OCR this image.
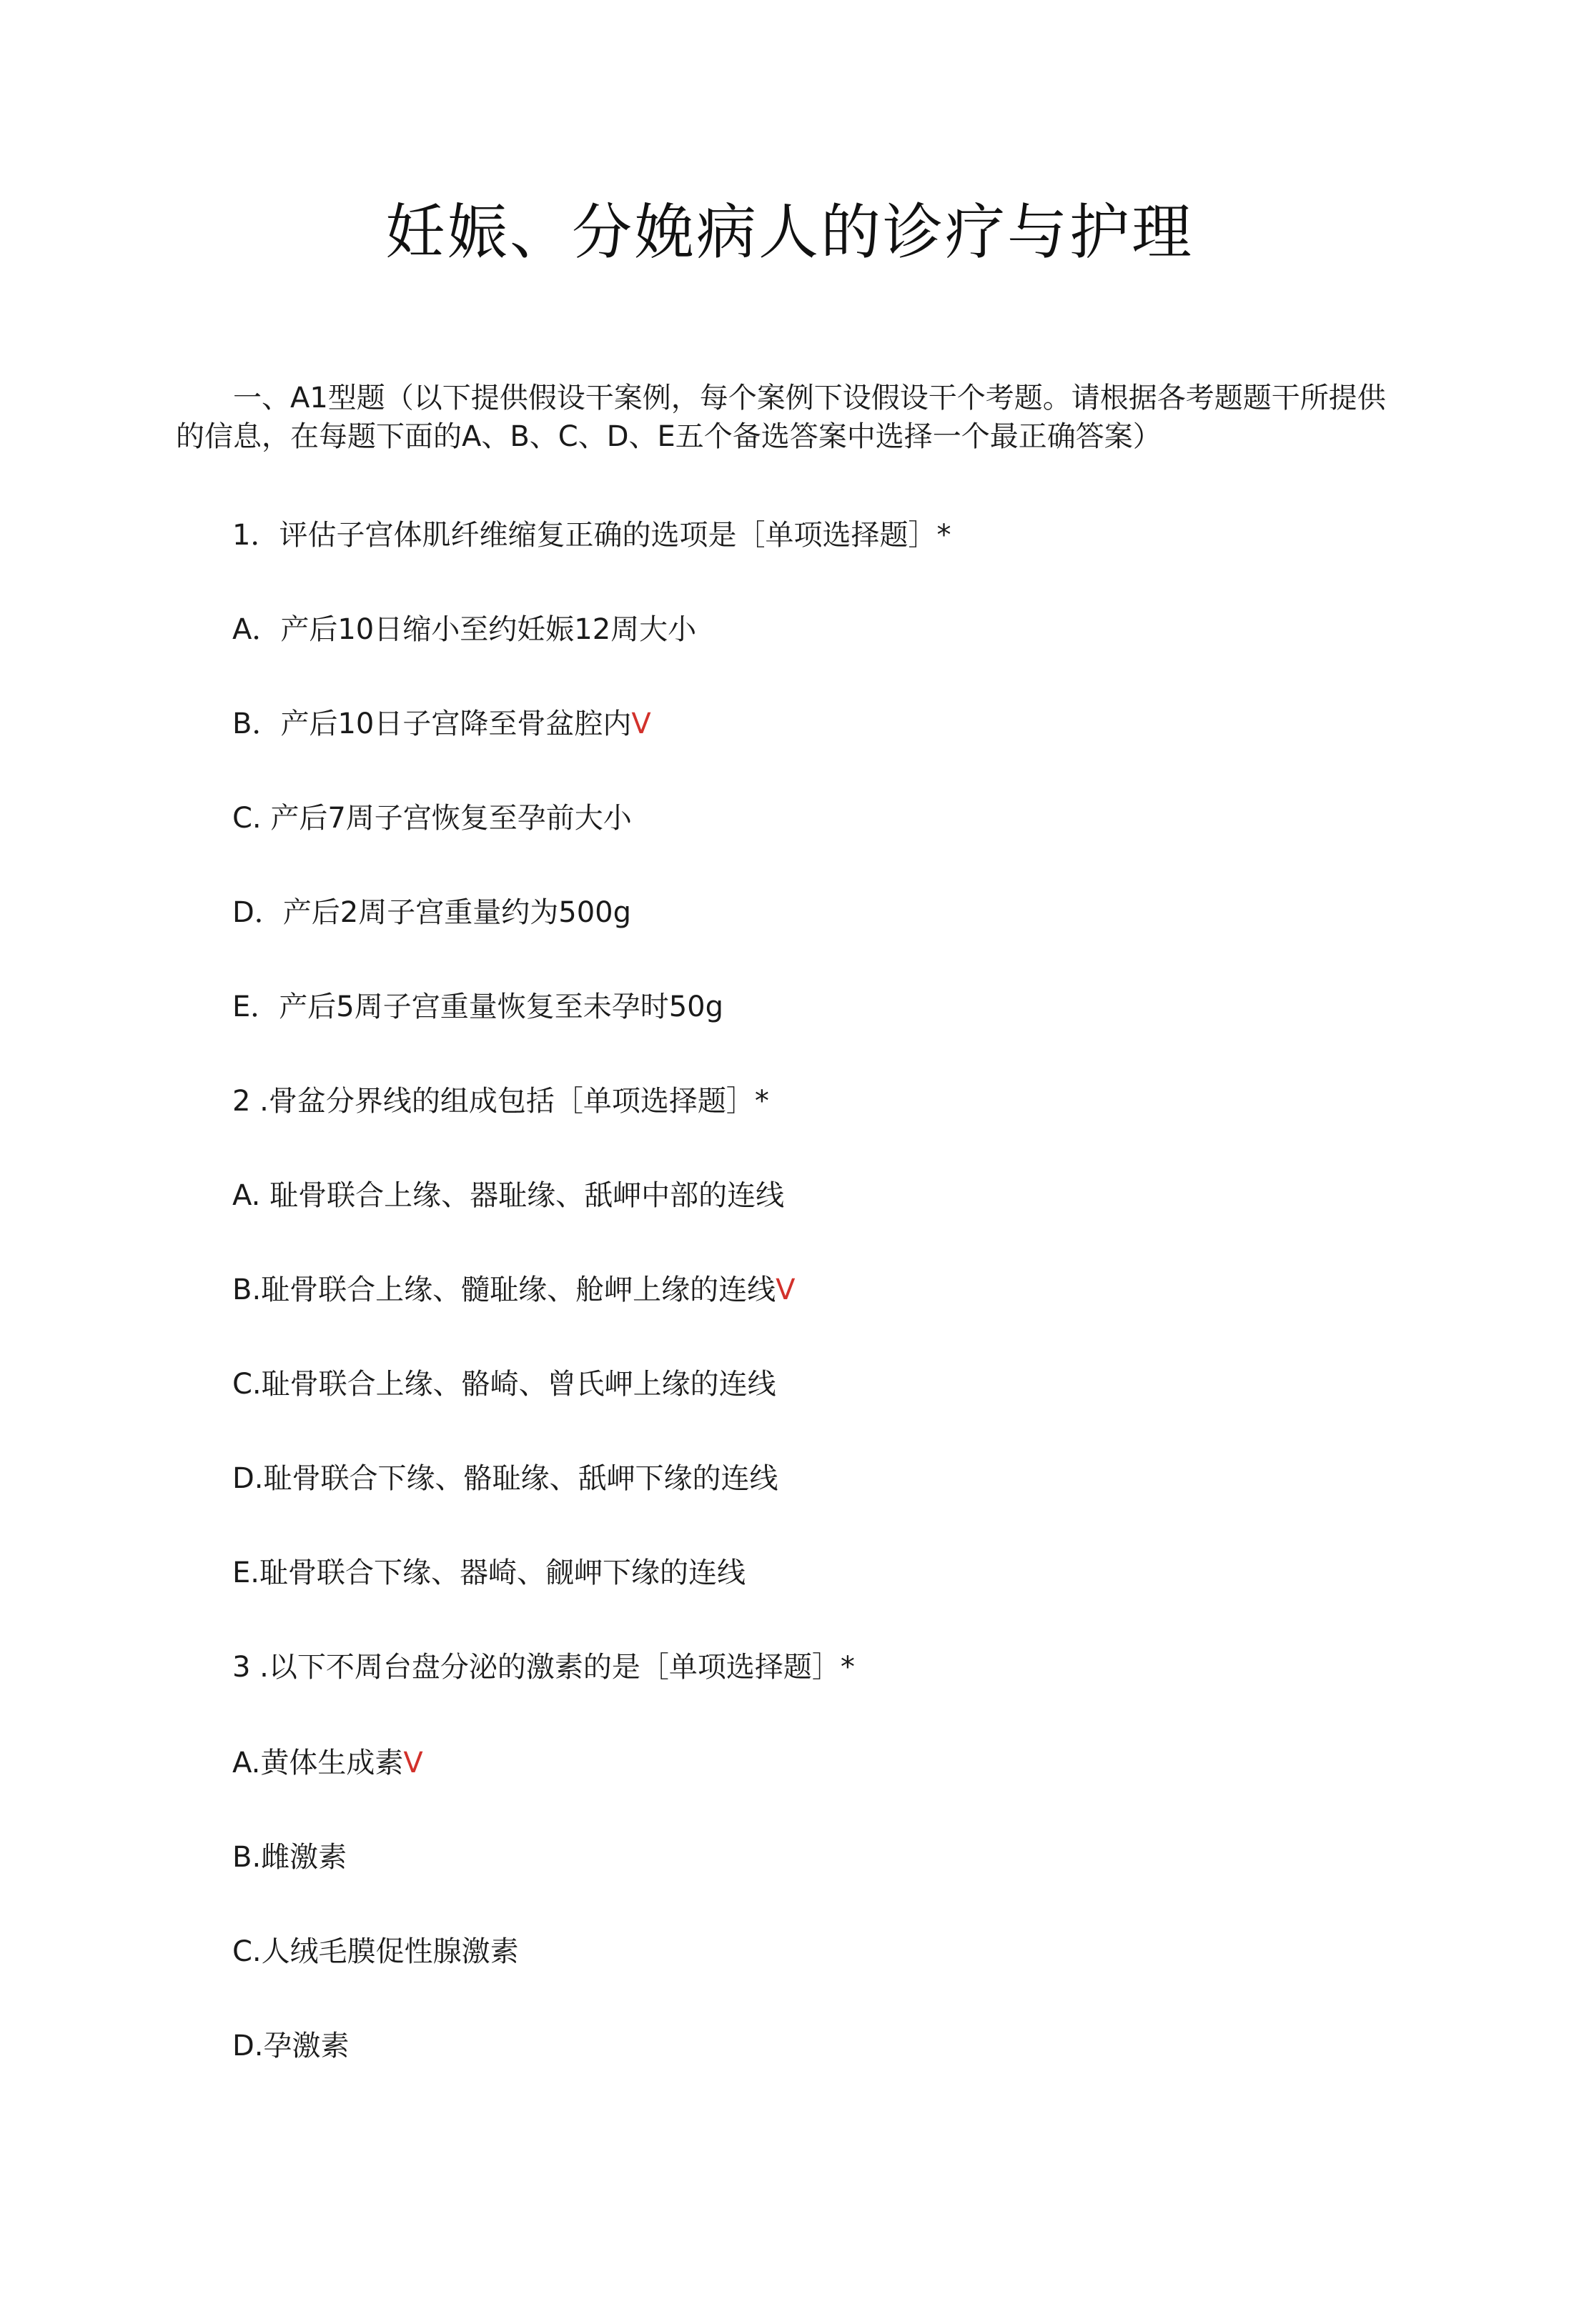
妊娠、分娩病人的诊疗与护理
一、A1型题（以下提供假设干案例，每个案例下设假设干个考题。请根据各考题题干所提供的信息，在每题下面的A、B、C、D、E五个备选答案中选择一个最正确答案）
1．评估子宫体肌纤维缩复正确的选项是［单项选择题］*
A．产后10日缩小至约妊娠12周大小
B．产后10日子宫降至骨盆腔内V
C. 产后7周子宫恢复至孕前大小
D．产后2周子宫重量约为500g
E．产后5周子宫重量恢复至未孕时50g
2 .骨盆分界线的组成包括［单项选择题］*
A. 耻骨联合上缘、器耻缘、舐岬中部的连线
B.耻骨联合上缘、髓耻缘、舱岬上缘的连线V
C.耻骨联合上缘、骼崎、曾氏岬上缘的连线
D.耻骨联合下缘、骼耻缘、舐岬下缘的连线
E.耻骨联合下缘、器崎、觎岬下缘的连线
3 .以下不周台盘分泌的激素的是［单项选择题］*
A.黄体生成素V
B.雌激素
C.人绒毛膜促性腺激素
D.孕激素
